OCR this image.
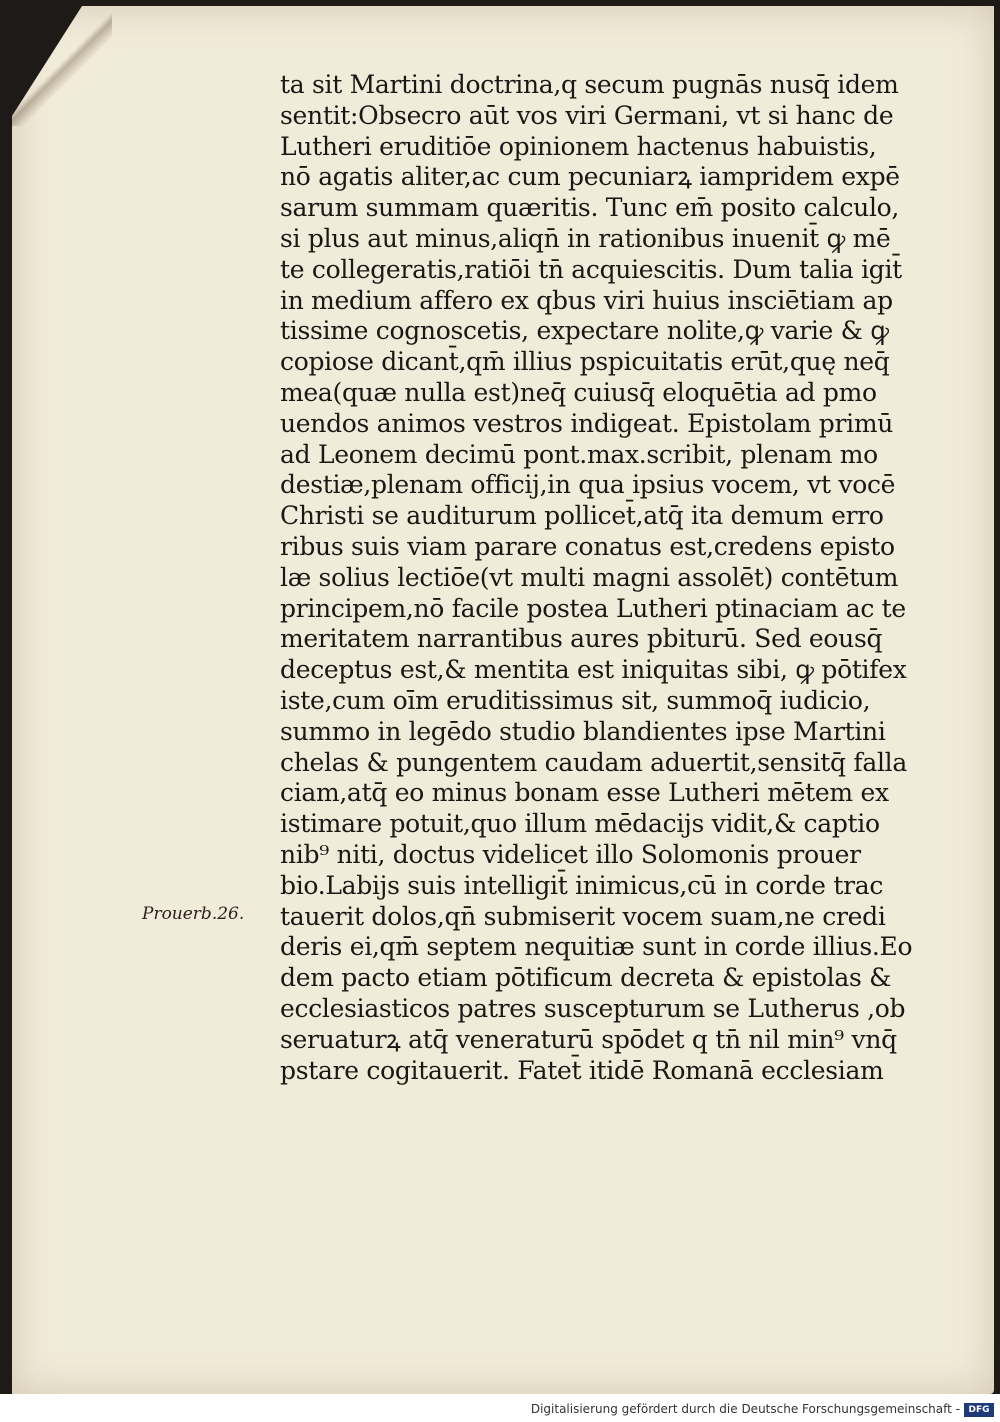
ta sit Martini doctrina,q secum pugnās nusq̄ idem
sentit:Obsecro aūt vos viri Germani, vt si hanc de
Lutheri eruditiōe opinionem hactenus habuistis,
nō agatis aliter,ac cum pecuniarꝝ iampridem expē
sarum summam quæritis. Tunc em̄ posito calculo,
si plus aut minus,aliqn̄ in rationibus inuenit̄ ꝙ mē
te collegeratis,ratiōi tn̄ acquiescitis. Dum talia igit̄
in medium affero ex qbus viri huius insciētiam ap
tissime cognoscetis, expectare nolite,ꝙ varie & ꝙ
copiose dicant̄,qm̄ illius pspicuitatis erūt,quę neq̄
mea(quæ nulla est)neq̄ cuiusq̄ eloquētia ad pmo
uendos animos vestros indigeat. Epistolam primū
ad Leonem decimū pont.max.scribit, plenam mo
destiæ,plenam officij,in qua ipsius vocem, vt vocē
Christi se auditurum pollicet̄,atq̄ ita demum erro
ribus suis viam parare conatus est,credens episto
læ solius lectiōe(vt multi magni assolēt) contētum
principem,nō facile postea Lutheri ptinaciam ac te
meritatem narrantibus aures pbiturū. Sed eousq̄
deceptus est,& mentita est iniquitas sibi, ꝙ pōtifex
iste,cum oīm eruditissimus sit, summoq̄ iudicio,
summo in legēdo studio blandientes ipse Martini
chelas & pungentem caudam aduertit,sensitq̄ falla
ciam,atq̄ eo minus bonam esse Lutheri mētem ex
istimare potuit,quo illum mēdacijs vidit,& captio
nib⁹ niti, doctus videlicet illo Solomonis prouer
bio.Labijs suis intelligit̄ inimicus,cū in corde trac
tauerit dolos,qn̄ submiserit vocem suam,ne credi
deris ei,qm̄ septem nequitiæ sunt in corde illius.Eo
dem pacto etiam pōtificum decreta & epistolas &
ecclesiasticos patres suscepturum se Lutherus ,ob
seruaturꝝ atq̄ veneraturū spōdet q tn̄ nil min⁹ vnq̄
pstare cogitauerit. Fatet̄ itidē Romanā ecclesiam
Prouerb.26.
Digitalisierung gefördert durch die Deutsche Forschungsgemeinschaft - DFG
